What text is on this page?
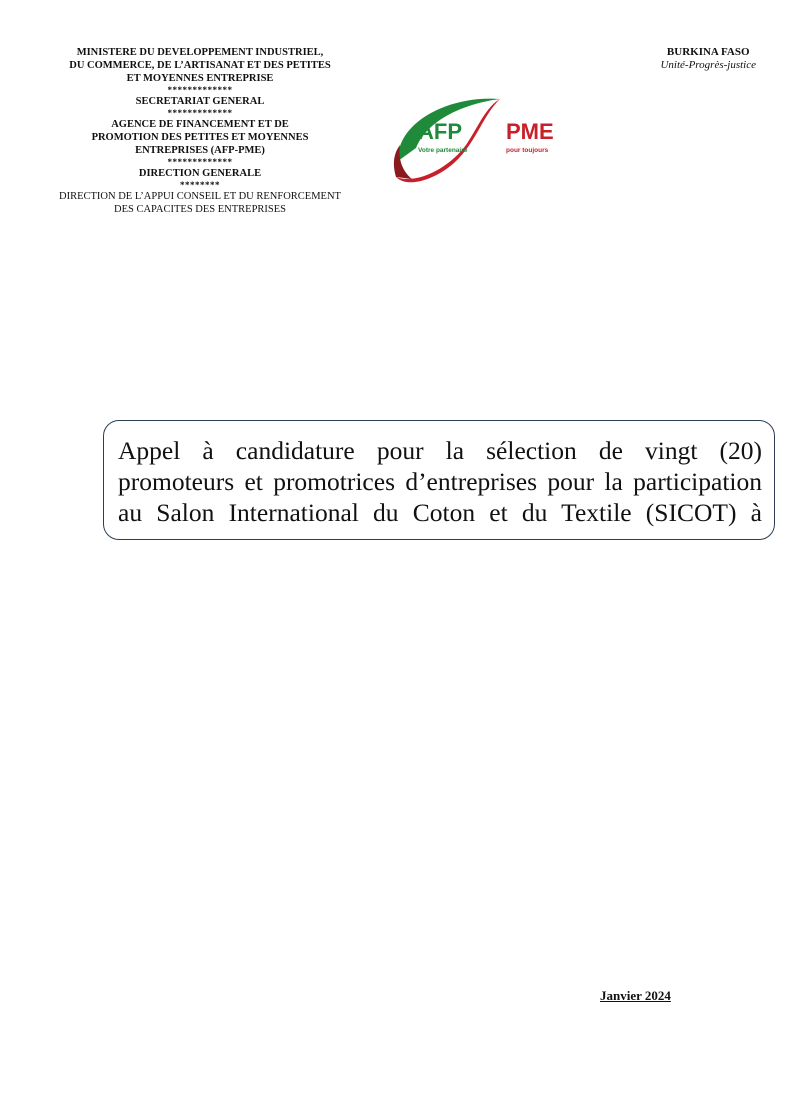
MINISTERE DU DEVELOPPEMENT INDUSTRIEL,
DU COMMERCE, DE L’ARTISANAT ET DES PETITES
ET MOYENNES ENTREPRISE
*************
SECRETARIAT GENERAL
*************
AGENCE DE FINANCEMENT ET DE
PROMOTION DES PETITES ET MOYENNES
ENTREPRISES (AFP-PME)
*************
DIRECTION GENERALE
********
DIRECTION DE L’APPUI CONSEIL ET DU RENFORCEMENT
DES CAPACITES DES ENTREPRISES
BURKINA FASO
Unité-Progrès-justice
AFP PME
Votre partenaire	pour toujours
Appel à candidature pour la sélection de vingt (20)
promoteurs et promotrices d’entreprises pour la participation
au Salon International du Coton et du Textile (SICOT) à
Janvier 2024
